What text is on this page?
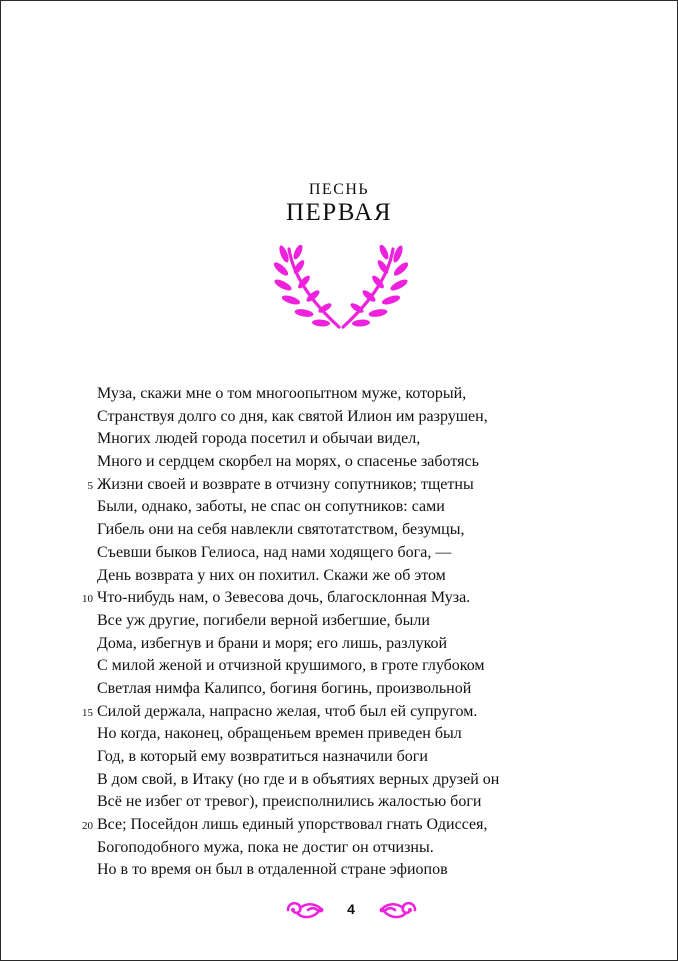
ПЕСНЬ
ПЕРВАЯ
Муза, скажи мне о том многоопытном муже, который,
Странствуя долго со дня, как святой Илион им разрушен,
Многих людей города посетил и обычаи видел,
Много и сердцем скорбел на морях, о спасенье заботясь
5 Жизни своей и возврате в отчизну сопутников; тщетны
Были, однако, заботы, не спас он сопутников: сами
Гибель они на себя навлекли святотатством, безумцы,
Съевши быков Гелиоса, над нами ходящего бога, —
День возврата у них он похитил. Скажи же об этом
10 Что-нибудь нам, о Зевесова дочь, благосклонная Муза.
Все уж другие, погибели верной избегшие, были
Дома, избегнув и брани и моря; его лишь, разлукой
С милой женой и отчизной крушимого, в гроте глубоком
Светлая нимфа Калипсо, богиня богинь, произвольной
15 Силой держала, напрасно желая, чтоб был ей супругом.
Но когда, наконец, обращеньем времен приведен был
Год, в который ему возвратиться назначили боги
В дом свой, в Итаку (но где и в объятиях верных друзей он
Всё не избег от тревог), преисполнились жалостью боги
20 Все; Посейдон лишь единый упорствовал гнать Одиссея,
Богоподобного мужа, пока не достиг он отчизны.
Но в то время он был в отдаленной стране эфиопов
4
